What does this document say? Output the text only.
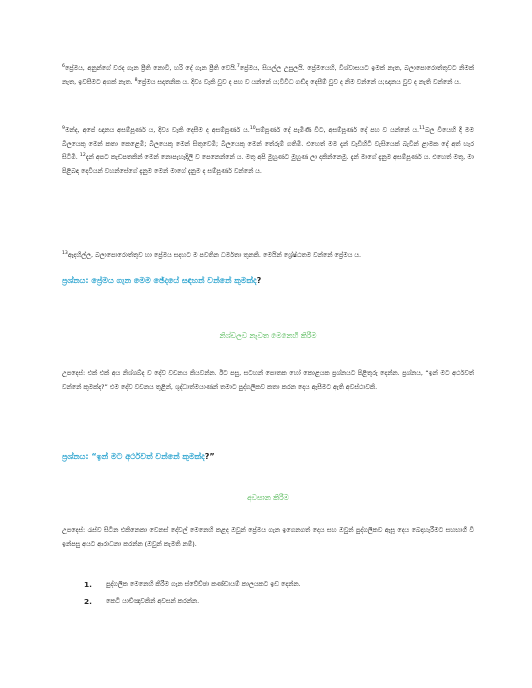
$^6$ප්‍රේමය, අනුන්ගේ වරද ගැන ප්‍රීති නොවී, හරි දේ ගැන ප්‍රීති වෙයි.$^7$ප්‍රේමය, සියල්ල උසුලයි. ප්‍රේමයෙහි, විශ්වාසයට ඉමක් නැත, බලාපොරොත්තුවට නිමක් නැත, ඉවසීමට අගක් නැත. $^8$ප්‍රේමය සදාතනික ය. දිව්‍ය වැකි වුව ද පහ ව යන්නේ ය;විවිධ ගඬ්‍ද දෙසීම් වුව ද නිම වන්නේ ය;ඥානය වුව ද නැති වන්නේ ය.

$^9$මන්ද, අපේ ඥානය අසම්පූර්ණ ය, දිව්‍ය වැකි දෙසීම ද අසම්පූර්ණ ය.$^{10}$සම්පූර්ණ දේ පැමිණි විට, අසම්පූර්ණ දේ පහ ව යන්නේ ය.$^{11}$බල වියෙහි දී මම බිලයෙකු මෙන් කතා කෙළෙමි; බිලයෙකු මෙන් සිතුවෙමි; බිලයෙකු මෙන් තේරුම් ගතිමි. එහෙත් මම දැන් වැඩිහිටි වැසියෙක් බැවින් ළාමක දේ අත් හැර සිටිමි. $^{12}$දැන් අපට කැඩපතකින් මෙන් නොපැහැදිලි ව පෙනෙන්නේ ය. මතු අපි මුහුණට මුහුණ ලා දකින්නෙමු. දැන් මාගේ දැනුම අසම්පූර්ණ ය. එහෙත් මතු, මා පිළිබඳ දෙවියන් වහන්සේගේ දැනුම මෙන් මාගේ දැනුම ද සම්පූර්ණ වන්නේ ය.

$^{13}$ඇදහිල්ල, බලාපොරොත්තුව හා ප්‍රේමය සදහට ම පවතින ධර්මතා තුනකි. මෙයින් ශ්‍රේෂ්ඨතම වන්නේ ප්‍රේමය ය.

ප්‍රශ්නය: ප්‍රේමය ගැන මෙම ඡේදයේ සඳහන් වන්නේ කුමක්ද?

නිශ්චලව නැවත මෙනෙහි කිරීම

උපදෙස්: එක් එක් අය නිශ්ශබ්ද ව දේව වචනය කියවන්න. ඊට පසු, සටහන් පොතක හෝ කොළයක ප්‍රශ්නයට පිළිතුරු දෙන්න. ප්‍රශ්නය, “ඉන් මට අර්ථවත් වන්නේ කුමක්ද?” එම දේව වචනය තුළින්, ශුද්ධාත්මයාණන් තමාට පුද්ගලිකව කතා කරන දෙය ඇසීමට ඇති අවස්ථාවකි.

ප්‍රශ්නය: “ඉන් මට අර්ථවත් වන්නේ කුමක්ද?”

අවසාන කිරීම

උපදෙස්: රැස්ව සිටින එකිනෙකා වෙනස් දේවල් මෙනෙහි කළද ඔවුන් ප්‍රේමය ගැන ඉගෙනගත් දෙය සහ ඔවුන් පුද්ගලිකව ඇසූ දෙය බෙදාහැරීමට සහභාගී වී ඉන්පසු අයට ආරාධනා කරන්න (ඔවුන් කැමති නම්).

1. පුද්ගලික මෙනෙහි කිරීම ගැන ස්වේච්ඡා කණ්ඩායම් කාලයකට ඉඩ දෙන්න.
2. කෙටි යාච්ඤාවකින් අවසන් කරන්න.
